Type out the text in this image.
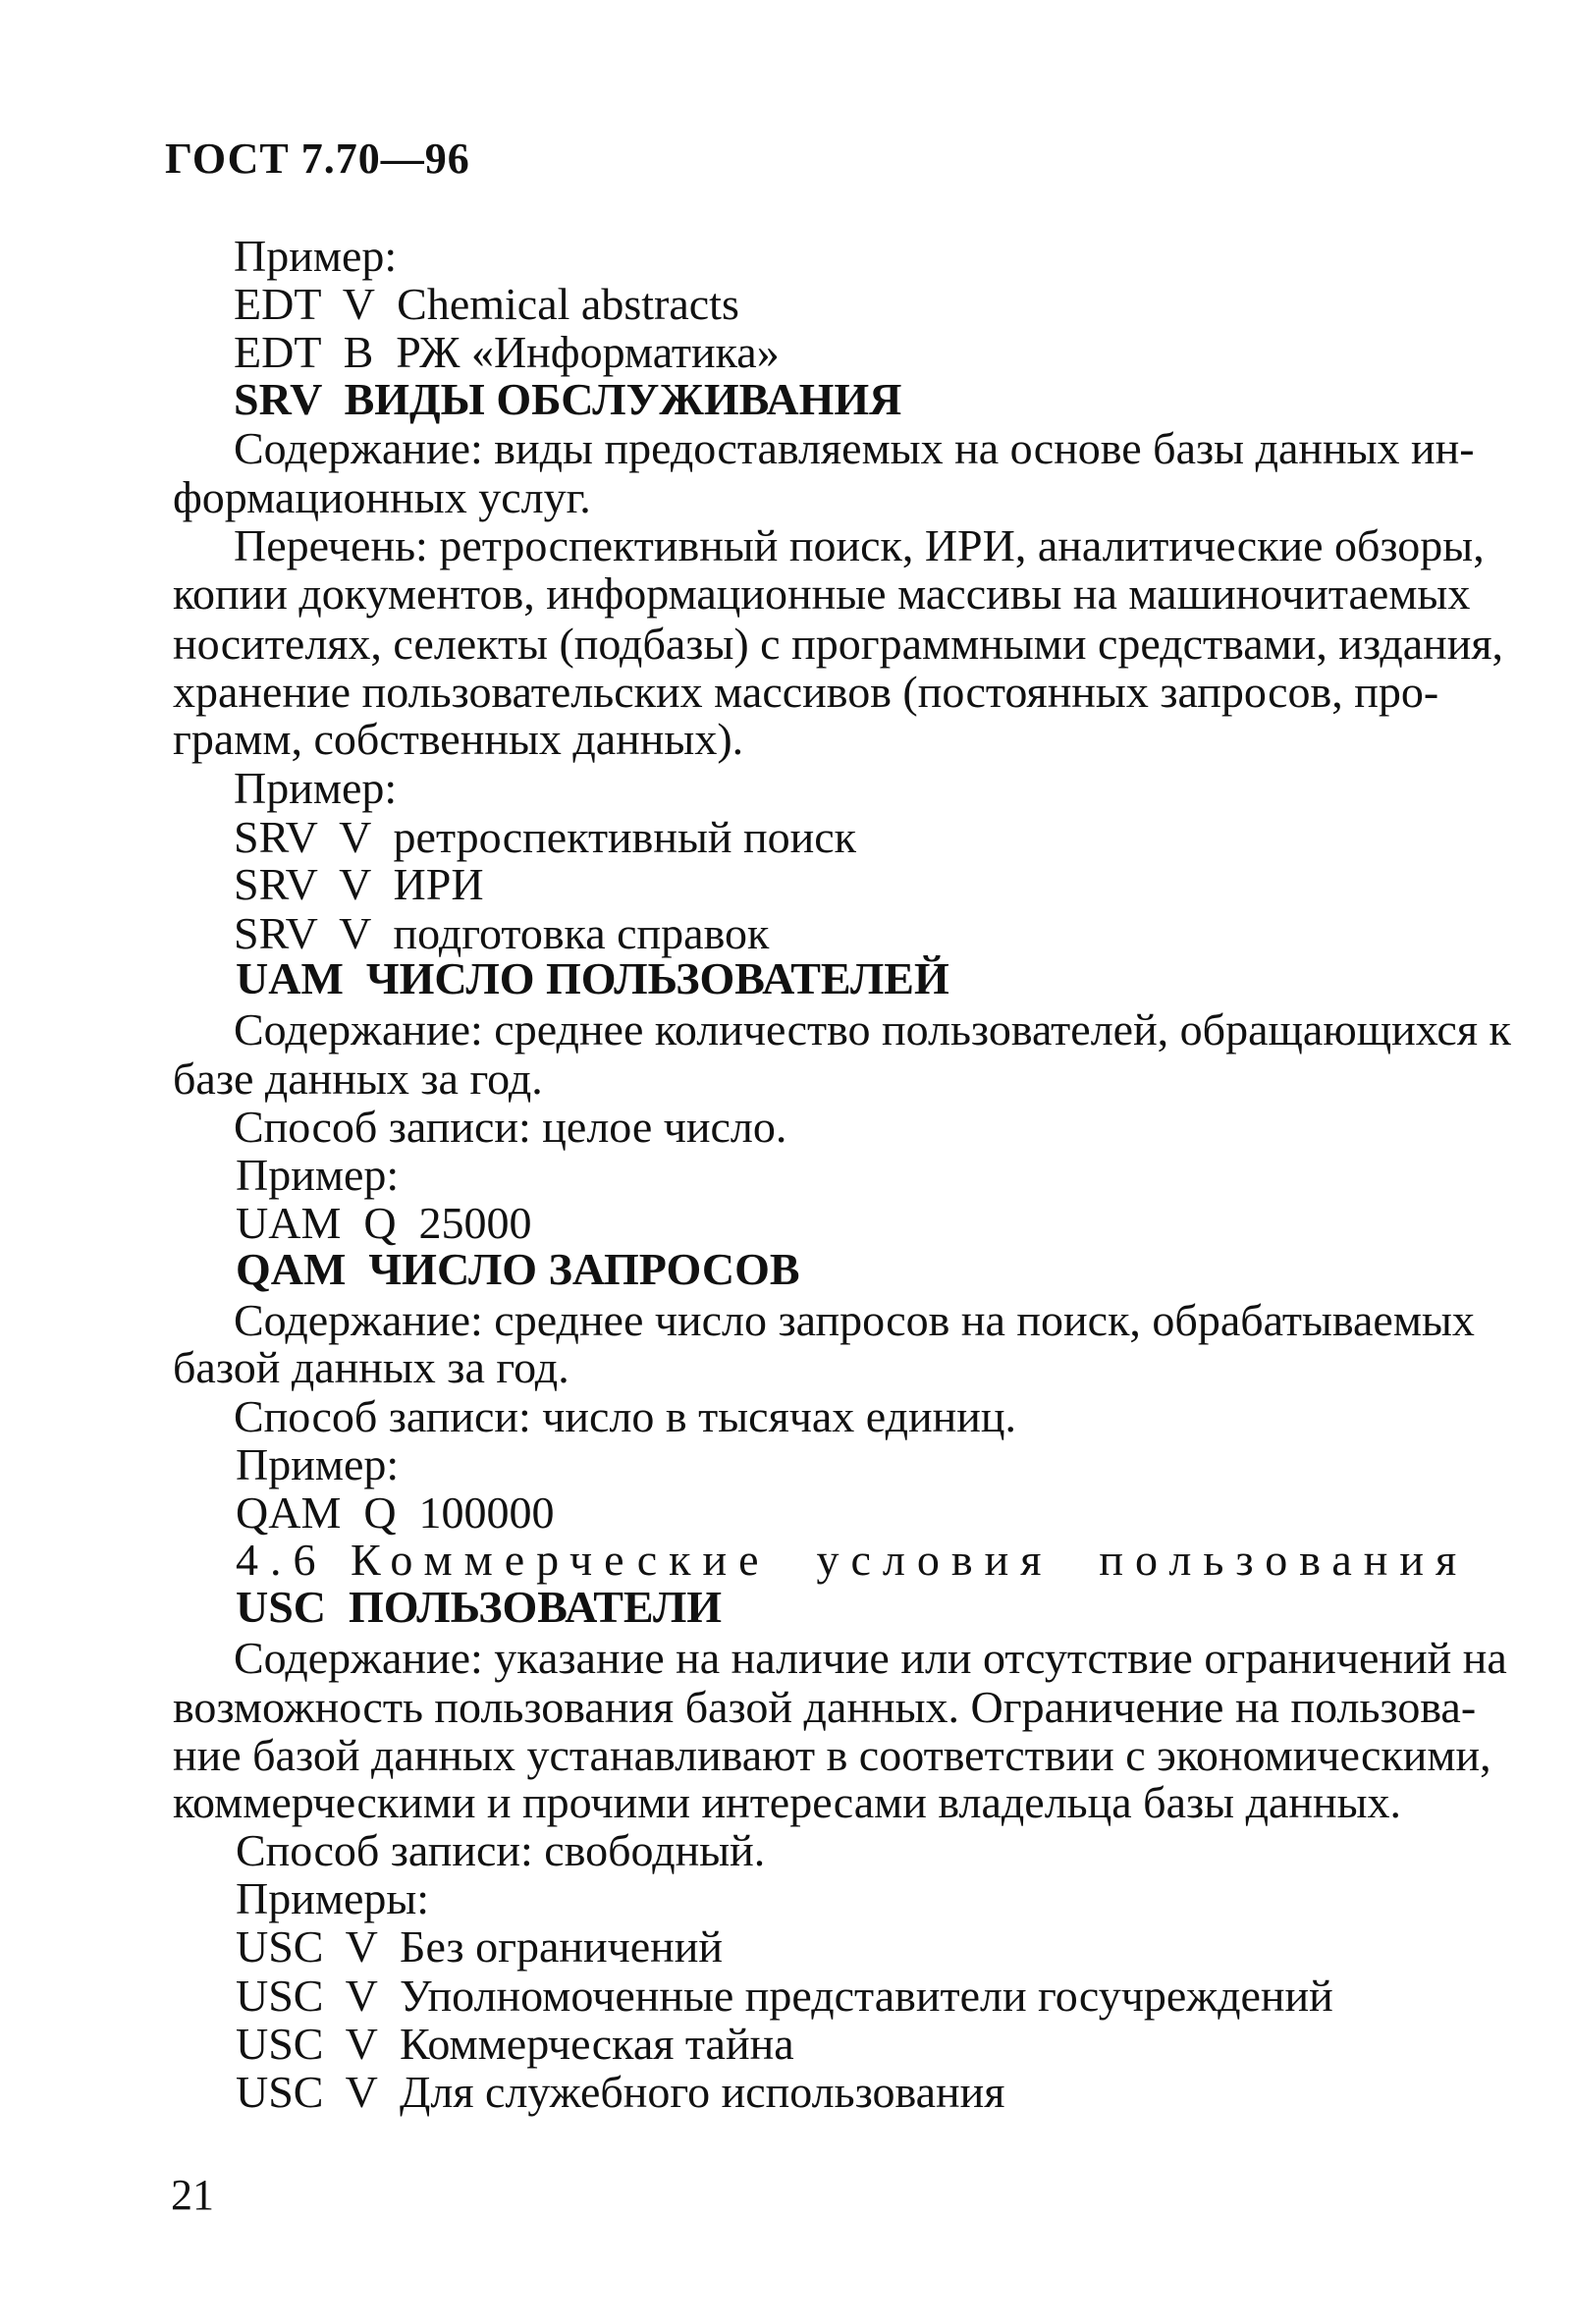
ГОСТ 7.70—96
Пример:
EDT  V  Chemical abstracts
EDT  B  РЖ «Информатика»
SRV  ВИДЫ ОБСЛУЖИВАНИЯ
Содержание: виды предоставляемых на основе базы данных ин-
формационных услуг.
Перечень: ретроспективный поиск, ИРИ, аналитические обзоры,
копии документов, информационные массивы на машиночитаемых
носителях, селекты (подбазы) с программными средствами, издания,
хранение пользовательских массивов (постоянных запросов, про-
грамм, собственных данных).
Пример:
SRV  V  ретроспективный поиск
SRV  V  ИРИ
SRV  V  подготовка справок
UAM  ЧИСЛО ПОЛЬЗОВАТЕЛЕЙ
Содержание: среднее количество пользователей, обращающихся к
базе данных за год.
Способ записи: целое число.
Пример:
UAM  Q  25000
QAM  ЧИСЛО ЗАПРОСОВ
Содержание: среднее число запросов на поиск, обрабатываемых
базой данных за год.
Способ записи: число в тысячах единиц.
Пример:
QAM  Q  100000
4.6 Коммерческие  условия  пользования
USC  ПОЛЬЗОВАТЕЛИ
Содержание: указание на наличие или отсутствие ограничений на
возможность пользования базой данных. Ограничение на пользова-
ние базой данных устанавливают в соответствии с экономическими,
коммерческими и прочими интересами владельца базы данных.
Способ записи: свободный.
Примеры:
USC  V  Без ограничений
USC  V  Уполномоченные представители госучреждений
USC  V  Коммерческая тайна
USC  V  Для служебного использования
21
